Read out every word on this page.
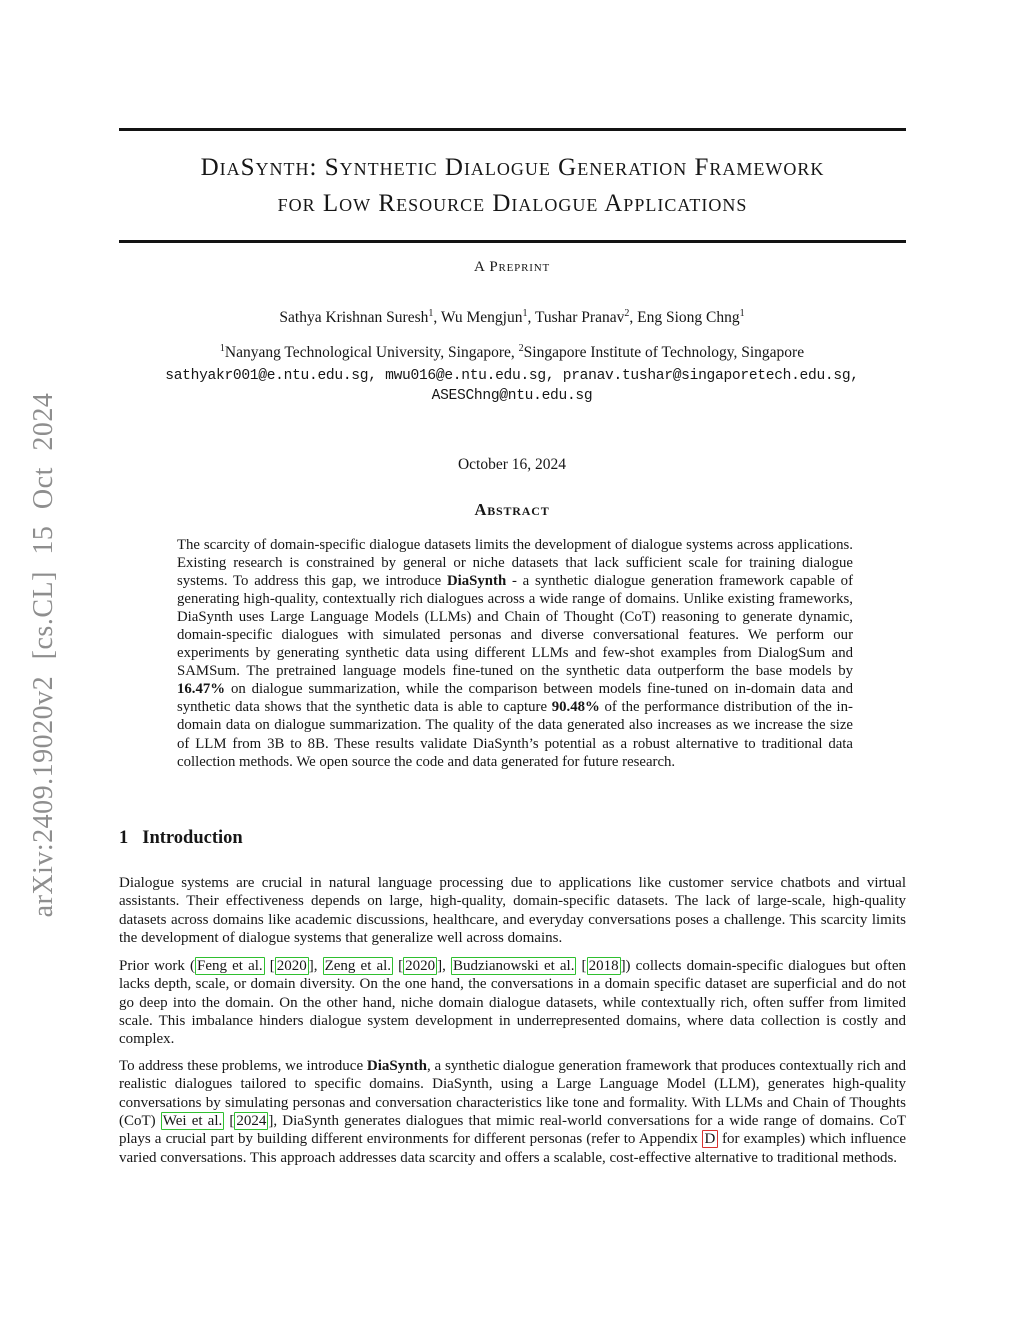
arXiv:2409.19020v2 [cs.CL] 15 Oct 2024
DiaSynth: Synthetic Dialogue Generation Framework
for Low Resource Dialogue Applications
A Preprint
Sathya Krishnan Suresh$^1$, Wu Mengjun$^1$, Tushar Pranav$^2$, Eng Siong Chng$^1$
$^1$Nanyang Technological University, Singapore, $^2$Singapore Institute of Technology, Singapore
sathyakr001@e.ntu.edu.sg, mwu016@e.ntu.edu.sg, pranav.tushar@singaporetech.edu.sg,
ASESChng@ntu.edu.sg
October 16, 2024
Abstract

The scarcity of domain-specific dialogue datasets limits the development of dialogue systems across applications. Existing research is constrained by general or niche datasets that lack sufficient scale for training dialogue systems. To address this gap, we introduce DiaSynth - a synthetic dialogue generation framework capable of generating high-quality, contextually rich dialogues across a wide range of domains. Unlike existing frameworks, DiaSynth uses Large Language Models (LLMs) and Chain of Thought (CoT) reasoning to generate dynamic, domain-specific dialogues with simulated personas and diverse conversational features. We perform our experiments by generating synthetic data using different LLMs and few-shot examples from DialogSum and SAMSum. The pretrained language models fine-tuned on the synthetic data outperform the base models by 16.47% on dialogue summarization, while the comparison between models fine-tuned on in-domain data and synthetic data shows that the synthetic data is able to capture 90.48% of the performance distribution of the in-domain data on dialogue summarization. The quality of the data generated also increases as we increase the size of LLM from 3B to 8B. These results validate DiaSynth’s potential as a robust alternative to traditional data collection methods. We open source the code and data generated for future research.

1 Introduction

Dialogue systems are crucial in natural language processing due to applications like customer service chatbots and virtual assistants. Their effectiveness depends on large, high-quality, domain-specific datasets. The lack of large-scale, high-quality datasets across domains like academic discussions, healthcare, and everyday conversations poses a challenge. This scarcity limits the development of dialogue systems that generalize well across domains.

Prior work ( Feng et al. [ 2020 ], Zeng et al. [ 2020 ], Budzianowski et al. [ 2018 ]) collects domain-specific dialogues but often lacks depth, scale, or domain diversity. On the one hand, the conversations in a domain specific dataset are superficial and do not go deep into the domain. On the other hand, niche domain dialogue datasets, while contextually rich, often suffer from limited scale. This imbalance hinders dialogue system development in underrepresented domains, where data collection is costly and complex.

To address these problems, we introduce DiaSynth, a synthetic dialogue generation framework that produces contextually rich and realistic dialogues tailored to specific domains. DiaSynth, using a Large Language Model (LLM), generates high-quality conversations by simulating personas and conversation characteristics like tone and formality. With LLMs and Chain of Thoughts (CoT) Wei et al. [ 2024 ], DiaSynth generates dialogues that mimic real-world conversations for a wide range of domains. CoT plays a crucial part by building different environments for different personas (refer to Appendix D for examples) which influence varied conversations. This approach addresses data scarcity and offers a scalable, cost-effective alternative to traditional methods.
